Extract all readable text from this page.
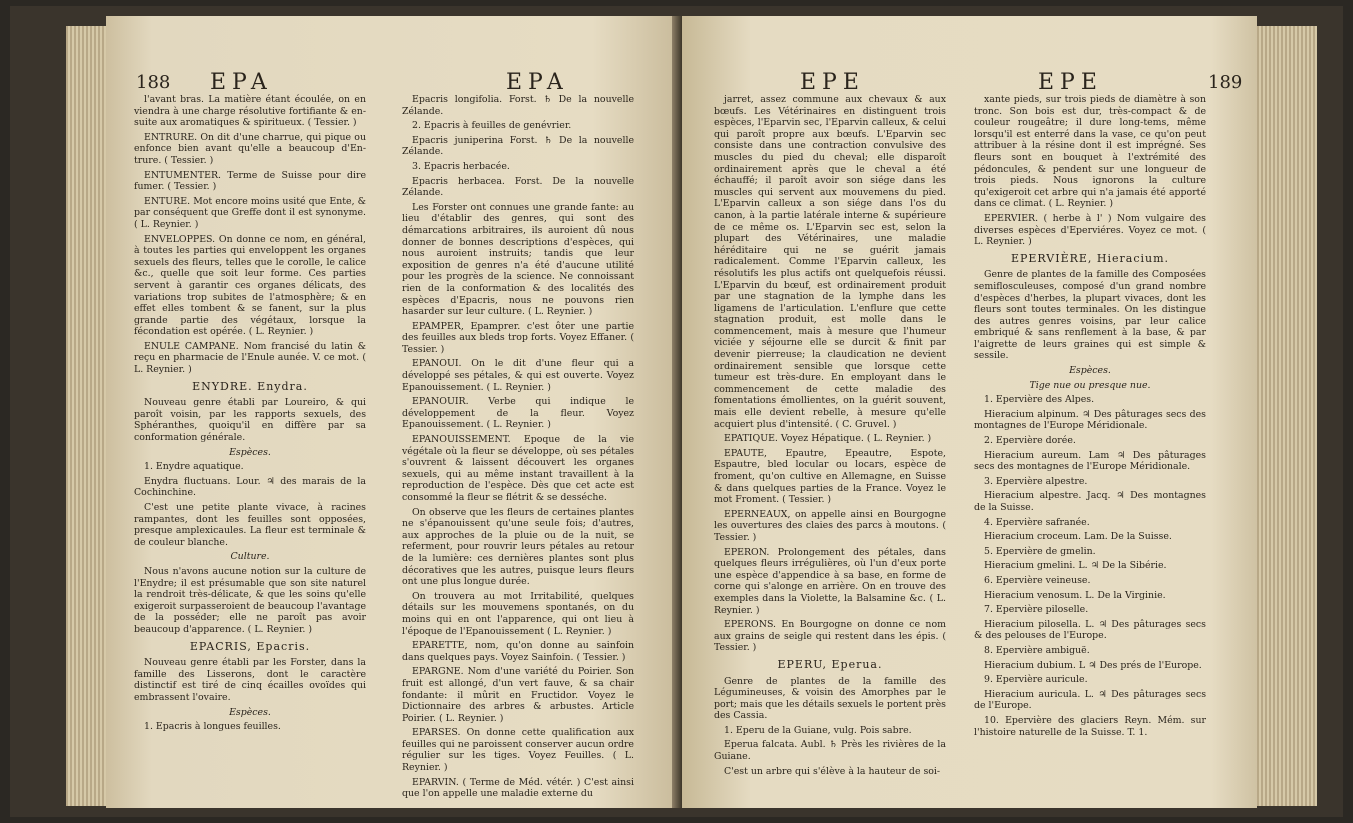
188 EPA	EPA

l'avant bras. La matière étant écoulée, on en viendra à une charge résolutive fortifiante & en-suite aux aromatiques & spiritueux. ( Tessier. )

ENTRURE. On dit d'une charrue, qui pique ou enfonce bien avant qu'elle a beaucoup d'En-trure. ( Tessier. )

ENTUMENTER. Terme de Suisse pour dire fumer. ( Tessier. )

ENTURE. Mot encore moins usité que Ente, & par conséquent que Greffe dont il est synonyme. ( L. Reynier. )

ENVELOPPES. On donne ce nom, en général, à toutes les parties qui enveloppent les organes sexuels des fleurs, telles que le corolle, le calice &c., quelle que soit leur forme. Ces parties servent à garantir ces organes délicats, des variations trop subites de l'atmosphère; & en effet elles tombent & se fanent, sur la plus grande partie des végétaux, lorsque la fécondation est opérée. ( L. Reynier. )

ENULE CAMPANE. Nom francisé du latin & reçu en pharmacie de l'Enule aunée. V. ce mot. ( L. Reynier. )

ENYDRE. Enydra.

Nouveau genre établi par Loureiro, & qui paroît voisin, par les rapports sexuels, des Sphéranthes, quoiqu'il en diffère par sa conformation générale.

Espèces.

1. Enydre aquatique.

Enydra fluctuans. Lour. ♃ des marais de la Cochinchine.

C'est une petite plante vivace, à racines rampantes, dont les feuilles sont opposées, presque amplexicaules. La fleur est terminale & de couleur blanche.

Culture.

Nous n'avons aucune notion sur la culture de l'Enydre; il est présumable que son site naturel la rendroit très-délicate, & que les soins qu'elle exigeroit surpasseroient de beaucoup l'avantage de la posséder; elle ne paroît pas avoir beaucoup d'apparence. ( L. Reynier. )

EPACRIS, Epacris.

Nouveau genre établi par les Forster, dans la famille des Lisserons, dont le caractère distinctif est tiré de cinq écailles ovoïdes qui embrassent l'ovaire.

Espèces.

1. Epacris à longues feuilles.

Epacris longifolia. Forst. ♄ De la nouvelle Zélande.

2. Epacris à feuilles de genévrier.

Epacris juniperina Forst. ♄ De la nouvelle Zélande.

3. Epacris herbacée.

Epacris herbacea. Forst. De la nouvelle Zélande.

Les Forster ont connues une grande fante: au lieu d'établir des genres, qui sont des démarcations arbitraires, ils auroient dû nous donner de bonnes descriptions d'espèces, qui nous auroient instruits; tandis que leur exposition de genres n'a été d'aucune utilité pour les progrès de la science. Ne connoissant rien de la conformation & des localités des espèces d'Epacris, nous ne pouvons rien hasarder sur leur culture. ( L. Reynier. )

EPAMPER, Epamprer. c'est ôter une partie des feuilles aux bleds trop forts. Voyez Effaner. ( Tessier. )

EPANOUI. On le dit d'une fleur qui a développé ses pétales, & qui est ouverte. Voyez Epanouissement. ( L. Reynier. )

EPANOUIR. Verbe qui indique le développement de la fleur. Voyez Epanouissement. ( L. Reynier. )

EPANOUISSEMENT. Epoque de la vie végétale où la fleur se développe, où ses pétales s'ouvrent & laissent découvert les organes sexuels, qui au même instant travaillent à la reproduction de l'espèce. Dès que cet acte est consommé la fleur se flétrit & se desséche.

On observe que les fleurs de certaines plantes ne s'épanouissent qu'une seule fois; d'autres, aux approches de la pluie ou de la nuit, se referment, pour rouvrir leurs pétales au retour de la lumière: ces dernières plantes sont plus décoratives que les autres, puisque leurs fleurs ont une plus longue durée.

On trouvera au mot Irritabilité, quelques détails sur les mouvemens spontanés, on du moins qui en ont l'apparence, qui ont lieu à l'époque de l'Epanouissement ( L. Reynier. )

EPARETTE, nom, qu'on donne au sainfoin dans quelques pays. Voyez Sainfoin. ( Tessier. )

EPARGNE. Nom d'une variété du Poirier. Son fruit est allongé, d'un vert fauve, & sa chair fondante: il mûrit en Fructidor. Voyez le Dictionnaire des arbres & arbustes. Article Poirier. ( L. Reynier. )

EPARSES. On donne cette qualification aux feuilles qui ne paroissent conserver aucun ordre régulier sur les tiges. Voyez Feuilles. ( L. Reynier. )

EPARVIN. ( Terme de Méd. vétér. ) C'est ainsi que l'on appelle une maladie externe du

EPE	EPE	189

jarret, assez commune aux chevaux & aux bœufs. Les Vétérinaires en distinguent trois espèces, l'Eparvin sec, l'Eparvin calleux, & celui qui paroît propre aux bœufs. L'Eparvin sec consiste dans une contraction convulsive des muscles du pied du cheval; elle disparoît ordinairement après que le cheval a été échauffé; il paroît avoir son siége dans les muscles qui servent aux mouvemens du pied. L'Eparvin calleux a son siége dans l'os du canon, à la partie latérale interne & supérieure de ce même os. L'Eparvin sec est, selon la plupart des Vétérinaires, une maladie héréditaire qui ne se guérit jamais radicalement. Comme l'Eparvin calleux, les résolutifs les plus actifs ont quelquefois réussi. L'Eparvin du bœuf, est ordinairement produit par une stagnation de la lymphe dans les ligamens de l'articulation. L'enflure que cette stagnation produit, est molle dans le commencement, mais à mesure que l'humeur viciée y séjourne elle se durcit & finit par devenir pierreuse; la claudication ne devient ordinairement sensible que lorsque cette tumeur est très-dure. En employant dans le commencement de cette maladie des fomentations émollientes, on la guérit souvent, mais elle devient rebelle, à mesure qu'elle acquiert plus d'intensité. ( C. Gruvel. )

EPATIQUE. Voyez Hépatique. ( L. Reynier. )

EPAUTE, Epautre, Epeautre, Espote, Espautre, bled locular ou locars, espèce de froment, qu'on cultive en Allemagne, en Suisse & dans quelques parties de la France. Voyez le mot Froment. ( Tessier. )

EPERNEAUX, on appelle ainsi en Bourgogne les ouvertures des claies des parcs à moutons. ( Tessier. )

EPERON. Prolongement des pétales, dans quelques fleurs irrégulières, où l'un d'eux porte une espèce d'appendice à sa base, en forme de corne qui s'alonge en arrière. On en trouve des exemples dans la Violette, la Balsamine &c. ( L. Reynier. )

EPERONS. En Bourgogne on donne ce nom aux grains de seigle qui restent dans les épis. ( Tessier. )

EPERU, Eperua.

Genre de plantes de la famille des Légumineuses, & voisin des Amorphes par le port; mais que les détails sexuels le portent près des Cassia.

1. Eperu de la Guiane, vulg. Pois sabre.

Eperua falcata. Aubl. ♄ Près les rivières de la Guiane.

C'est un arbre qui s'élève à la hauteur de soi-

xante pieds, sur trois pieds de diamètre à son tronc. Son bois est dur, très-compact & de couleur rougeâtre; il dure long-tems, même lorsqu'il est enterré dans la vase, ce qu'on peut attribuer à la résine dont il est imprégné. Ses fleurs sont en bouquet à l'extrémité des pédoncules, & pendent sur une longueur de trois pieds. Nous ignorons la culture qu'exigeroit cet arbre qui n'a jamais été apporté dans ce climat. ( L. Reynier. )

EPERVIER. ( herbe à l' ) Nom vulgaire des diverses espèces d'Eperviéres. Voyez ce mot. ( L. Reynier. )

EPERVIÈRE, Hieracium.

Genre de plantes de la famille des Composées semiflosculeuses, composé d'un grand nombre d'espèces d'herbes, la plupart vivaces, dont les fleurs sont toutes terminales. On les distingue des autres genres voisins, par leur calice embriqué & sans renflement à la base, & par l'aigrette de leurs graines qui est simple & sessile.

Espèces.

Tige nue ou presque nue.

1. Epervière des Alpes.

Hieracium alpinum. ♃ Des pâturages secs des montagnes de l'Europe Méridionale.

2. Epervière dorée.

Hieracium aureum. Lam ♃ Des pâturages secs des montagnes de l'Europe Méridionale.

3. Epervière alpestre.

Hieracium alpestre. Jacq. ♃ Des montagnes de la Suisse.

4. Epervière safranée.

Hieracium croceum. Lam. De la Suisse.

5. Epervière de gmelin.

Hieracium gmelini. L. ♃ De la Sibérie.

6. Epervière veineuse.

Hieracium venosum. L. De la Virginie.

7. Epervière piloselle.

Hieracium pilosella. L. ♃ Des pâturages secs & des pelouses de l'Europe.

8. Epervière ambiguë.

Hieracium dubium. L ♃ Des prés de l'Europe.

9. Epervière auricule.

Hieracium auricula. L. ♃ Des pâturages secs de l'Europe.

10. Epervière des glaciers Reyn. Mém. sur l'histoire naturelle de la Suisse. T. 1.
